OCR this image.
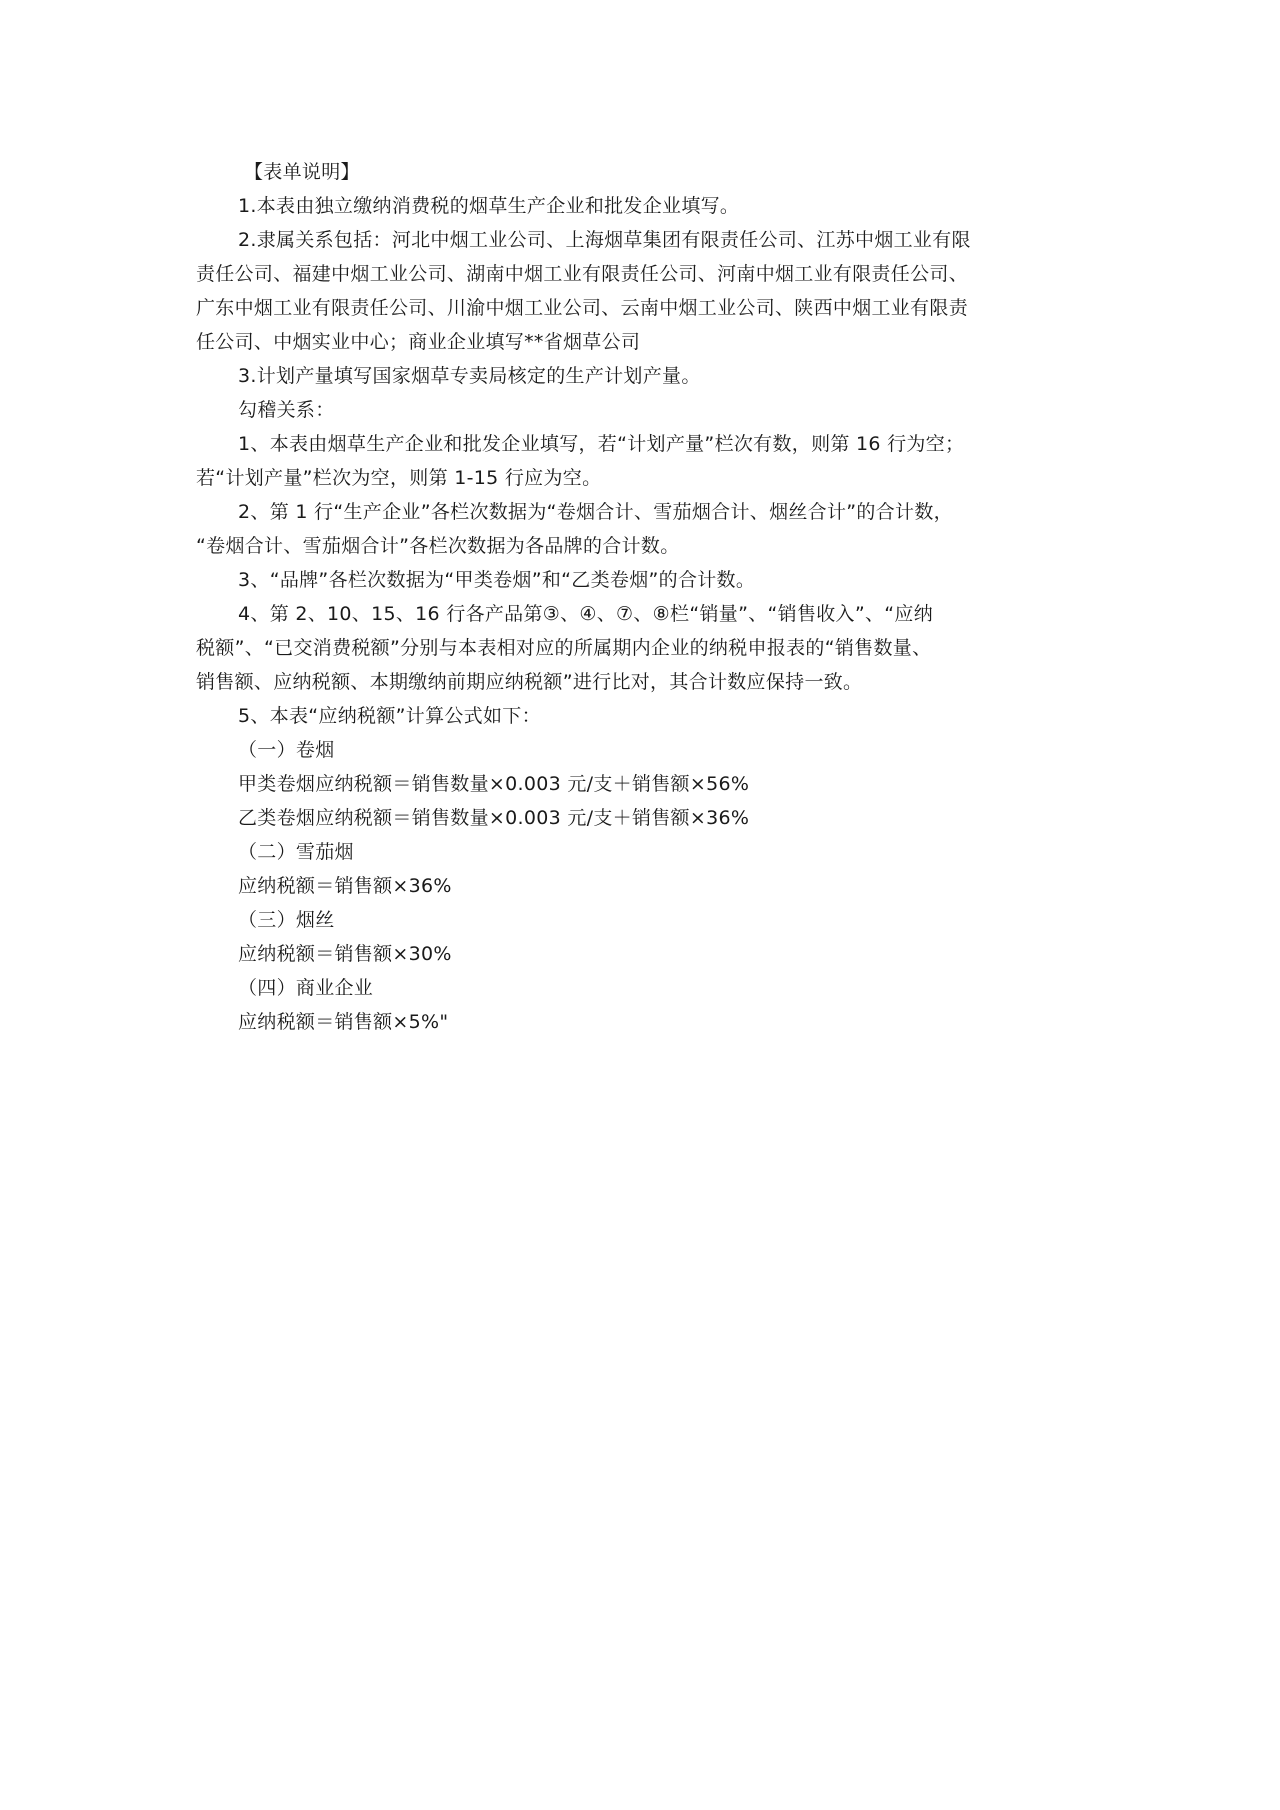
【表单说明】

1.本表由独立缴纳消费税的烟草生产企业和批发企业填写。

2.隶属关系包括：河北中烟工业公司、上海烟草集团有限责任公司、江苏中烟工业有限

责任公司、福建中烟工业公司、湖南中烟工业有限责任公司、河南中烟工业有限责任公司、

广东中烟工业有限责任公司、川渝中烟工业公司、云南中烟工业公司、陕西中烟工业有限责

任公司、中烟实业中心；商业企业填写**省烟草公司

3.计划产量填写国家烟草专卖局核定的生产计划产量。

勾稽关系：

1、本表由烟草生产企业和批发企业填写，若“计划产量”栏次有数，则第 16 行为空；

若“计划产量”栏次为空，则第 1-15 行应为空。

2、第 1 行“生产企业”各栏次数据为“卷烟合计、雪茄烟合计、烟丝合计”的合计数，

“卷烟合计、雪茄烟合计”各栏次数据为各品牌的合计数。

3、“品牌”各栏次数据为“甲类卷烟”和“乙类卷烟”的合计数。

4、第 2、10、15、16 行各产品第③、④、⑦、⑧栏“销量”、“销售收入”、“应纳

税额”、“已交消费税额”分别与本表相对应的所属期内企业的纳税申报表的“销售数量、

销售额、应纳税额、本期缴纳前期应纳税额”进行比对，其合计数应保持一致。

5、本表“应纳税额”计算公式如下：

（一）卷烟

甲类卷烟应纳税额＝销售数量×0.003 元/支＋销售额×56%

乙类卷烟应纳税额＝销售数量×0.003 元/支＋销售额×36%

（二）雪茄烟

应纳税额＝销售额×36%

（三）烟丝

应纳税额＝销售额×30%

（四）商业企业

应纳税额＝销售额×5%"
